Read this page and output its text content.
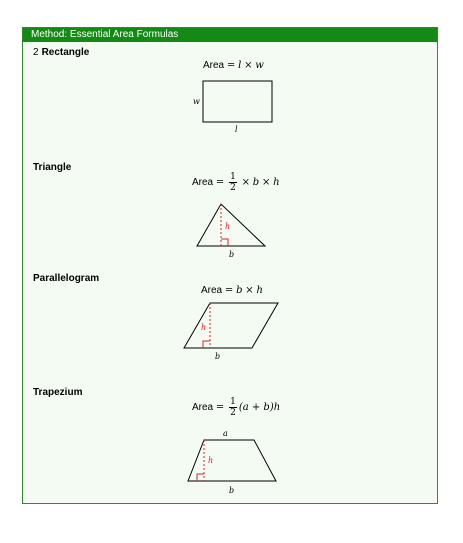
Method: Essential Area Formulas
2 Rectangle
Area = l × w
w
l
Triangle
Area = $\frac{1}{2} \times b \times h$
h
b
Parallelogram
Area = b × h
h
b
Trapezium
Area = $\frac{1}{2} (a + b)h$
a
h
b
